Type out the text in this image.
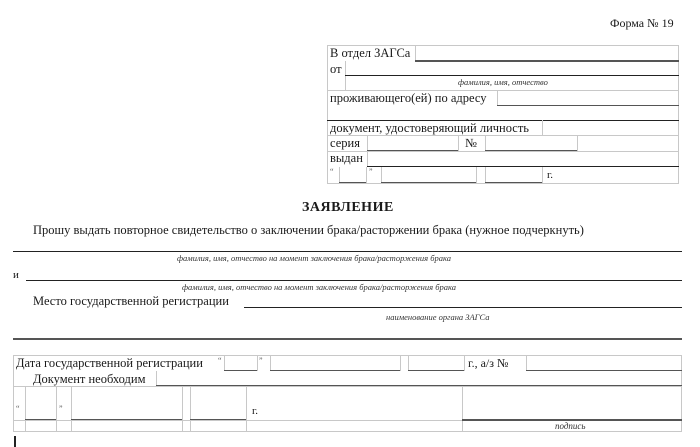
Форма № 19
В отдел ЗАГСа
от
фамилия, имя, отчество
проживающего(ей) по адресу
документ, удостоверяющий личность
серия	№
выдан
“	”	г.
ЗАЯВЛЕНИЕ
Прошу выдать повторное свидетельство о заключении брака/расторжении брака (нужное подчеркнуть)
фамилия, имя, отчество на момент заключения брака/расторжения брака
и
фамилия, имя, отчество на момент заключения брака/расторжения брака
Место государственной регистрации
наименование органа ЗАГСа
Дата государственной регистрации “	”	г., а/з №
Документ необходим
“	”	г.
подпись
